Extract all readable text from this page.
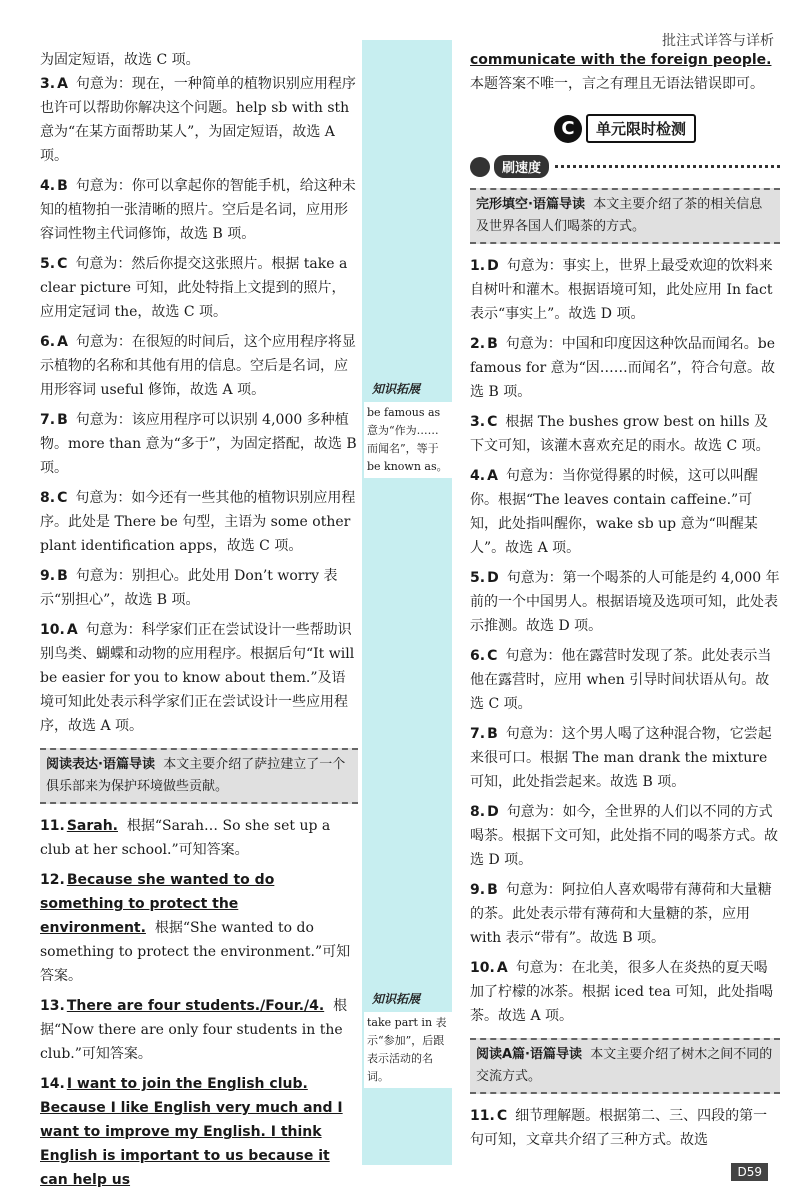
批注式详答与详析
知识拓展
be famous as 意为“作为……而闻名”，等于 be known as。
知识拓展
take part in 表示“参加”，后跟表示活动的名词。
为固定短语，故选 C 项。
3. A 句意为：现在，一种简单的植物识别应用程序也许可以帮助你解决这个问题。help sb with sth 意为“在某方面帮助某人”，为固定短语，故选 A 项。
4. B 句意为：你可以拿起你的智能手机，给这种未知的植物拍一张清晰的照片。空后是名词，应用形容词性物主代词修饰，故选 B 项。
5. C 句意为：然后你提交这张照片。根据 take a clear picture 可知，此处特指上文提到的照片，应用定冠词 the，故选 C 项。
6. A 句意为：在很短的时间后，这个应用程序将显示植物的名称和其他有用的信息。空后是名词，应用形容词 useful 修饰，故选 A 项。
7. B 句意为：该应用程序可以识别 4,000 多种植物。more than 意为“多于”，为固定搭配，故选 B 项。
8. C 句意为：如今还有一些其他的植物识别应用程序。此处是 There be 句型，主语为 some other plant identification apps，故选 C 项。
9. B 句意为：别担心。此处用 Don’t worry 表示“别担心”，故选 B 项。
10. A 句意为：科学家们正在尝试设计一些帮助识别鸟类、蝴蝶和动物的应用程序。根据后句“It will be easier for you to know about them.”及语境可知此处表示科学家们正在尝试设计一些应用程序，故选 A 项。
阅读表达·语篇导读 本文主要介绍了萨拉建立了一个俱乐部来为保护环境做些贡献。
11. Sarah. 根据“Sarah… So she set up a club at her school.”可知答案。
12. Because she wanted to do something to protect the environment. 根据“She wanted to do something to protect the environment.”可知答案。
13. There are four students./Four./4. 根据“Now there are only four students in the club.”可知答案。
14. I want to join the English club. Because I like English very much and I want to improve my English. I think English is important to us because it can help us
communicate with the foreign people.
本题答案不唯一，言之有理且无语法错误即可。
C	单元限时检测
刷速度
完形填空·语篇导读 本文主要介绍了茶的相关信息及世界各国人们喝茶的方式。
1. D 句意为：事实上，世界上最受欢迎的饮料来自树叶和灌木。根据语境可知，此处应用 In fact 表示“事实上”。故选 D 项。
2. B 句意为：中国和印度因这种饮品而闻名。be famous for 意为“因……而闻名”，符合句意。故选 B 项。
3. C 根据 The bushes grow best on hills 及下文可知，该灌木喜欢充足的雨水。故选 C 项。
4. A 句意为：当你觉得累的时候，这可以叫醒你。根据“The leaves contain caffeine.”可知，此处指叫醒你，wake sb up 意为“叫醒某人”。故选 A 项。
5. D 句意为：第一个喝茶的人可能是约 4,000 年前的一个中国男人。根据语境及选项可知，此处表示推测。故选 D 项。
6. C 句意为：他在露营时发现了茶。此处表示当他在露营时，应用 when 引导时间状语从句。故选 C 项。
7. B 句意为：这个男人喝了这种混合物，它尝起来很可口。根据 The man drank the mixture 可知，此处指尝起来。故选 B 项。
8. D 句意为：如今，全世界的人们以不同的方式喝茶。根据下文可知，此处指不同的喝茶方式。故选 D 项。
9. B 句意为：阿拉伯人喜欢喝带有薄荷和大量糖的茶。此处表示带有薄荷和大量糖的茶，应用 with 表示“带有”。故选 B 项。
10. A 句意为：在北美，很多人在炎热的夏天喝加了柠檬的冰茶。根据 iced tea 可知，此处指喝茶。故选 A 项。
阅读A篇·语篇导读 本文主要介绍了树木之间不同的交流方式。
11. C 细节理解题。根据第二、三、四段的第一句可知，文章共介绍了三种方式。故选
D59
